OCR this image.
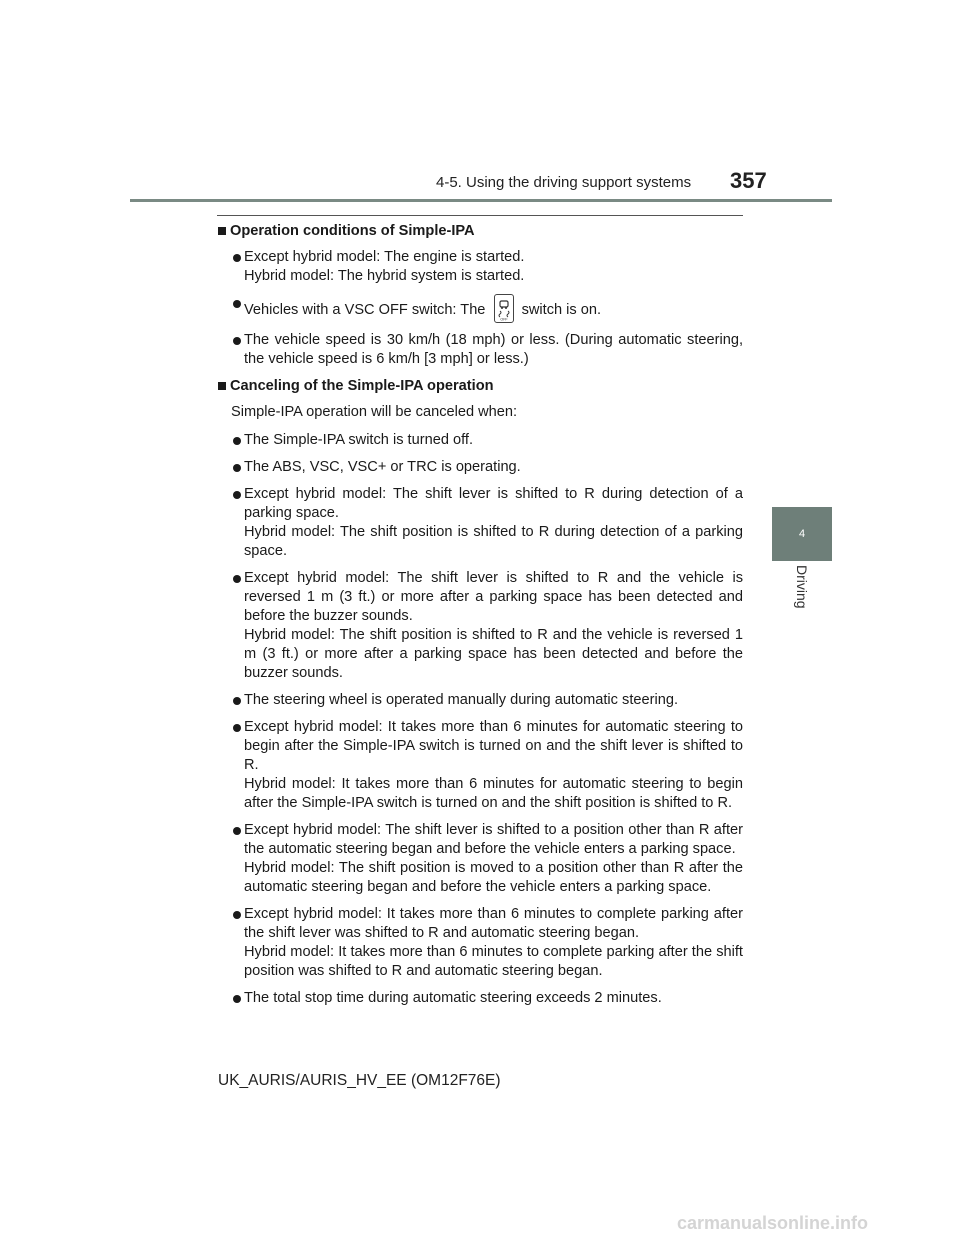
4-5. Using the driving support systems 357
4
Driving
Operation conditions of Simple-IPA

Except hybrid model: The engine is started.

Hybrid model: The hybrid system is started.

Vehicles with a VSC OFF switch: The
OFF
switch is on.

The vehicle speed is 30 km/h (18 mph) or less. (During automatic steering, the vehicle speed is 6 km/h [3 mph] or less.)

Canceling of the Simple-IPA operation
Simple-IPA operation will be canceled when:

The Simple-IPA switch is turned off.

The ABS, VSC, VSC+ or TRC is operating.

Except hybrid model: The shift lever is shifted to R during detection of a parking space.

Hybrid model: The shift position is shifted to R during detection of a parking space.

Except hybrid model: The shift lever is shifted to R and the vehicle is reversed 1 m (3 ft.) or more after a parking space has been detected and before the buzzer sounds.

Hybrid model: The shift position is shifted to R and the vehicle is reversed 1 m (3 ft.) or more after a parking space has been detected and before the buzzer sounds.

The steering wheel is operated manually during automatic steering.

Except hybrid model: It takes more than 6 minutes for automatic steering to begin after the Simple-IPA switch is turned on and the shift lever is shifted to R.

Hybrid model: It takes more than 6 minutes for automatic steering to begin after the Simple-IPA switch is turned on and the shift position is shifted to R.

Except hybrid model: The shift lever is shifted to a position other than R after the automatic steering began and before the vehicle enters a parking space.

Hybrid model: The shift position is moved to a position other than R after the automatic steering began and before the vehicle enters a parking space.

Except hybrid model: It takes more than 6 minutes to complete parking after the shift lever was shifted to R and automatic steering began.

Hybrid model: It takes more than 6 minutes to complete parking after the shift position was shifted to R and automatic steering began.

The total stop time during automatic steering exceeds 2 minutes.

UK_AURIS/AURIS_HV_EE (OM12F76E)
carmanualsonline.info
